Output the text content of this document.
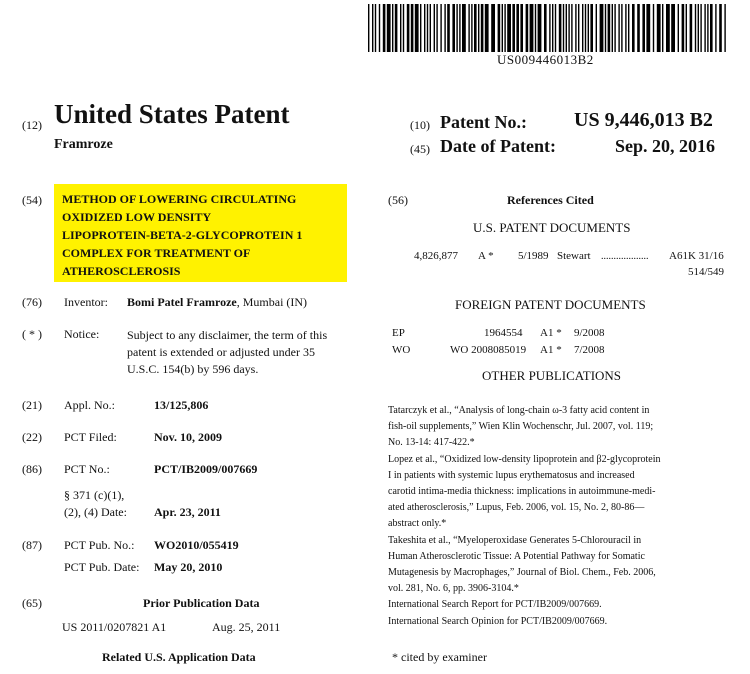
US009446013B2
(12) United States Patent
Framroze
(10) Patent No.: US 9,446,013 B2
(45) Date of Patent:	Sep. 20, 2016
(54) METHOD OF LOWERING CIRCULATING
OXIDIZED LOW DENSITY
LIPOPROTEIN-BETA-2-GLYCOPROTEIN 1
COMPLEX FOR TREATMENT OF
ATHEROSCLEROSIS
(76) Inventor: Bomi Patel Framroze, Mumbai (IN)
( * ) Notice: Subject to any disclaimer, the term of this
patent is extended or adjusted under 35
U.S.C. 154(b) by 596 days.
(21) Appl. No.:	13/125,806
(22) PCT Filed:	Nov. 10, 2009
(86) PCT No.:	PCT/IB2009/007669
§ 371 (c)(1),
(2), (4) Date: Apr. 23, 2011
(87) PCT Pub. No.: WO2010/055419
PCT Pub. Date: May 20, 2010
(65)	Prior Publication Data
US 2011/0207821 A1	Aug. 25, 2011
Related U.S. Application Data
(56)	References Cited
U.S. PATENT DOCUMENTS
4,826,877 A * 5/1989 Stewart ................... A61K 31/16
514/549
FOREIGN PATENT DOCUMENTS
EP	1964554 A1 * 9/2008
WO	WO 2008085019 A1 * 7/2008
OTHER PUBLICATIONS
Tatarczyk et al., “Analysis of long-chain ω-3 fatty acid content in
fish-oil supplements,” Wien Klin Wochenschr, Jul. 2007, vol. 119;
No. 13-14: 417-422.*
Lopez et al., “Oxidized low-density lipoprotein and β2-glycoprotein
I in patients with systemic lupus erythematosus and increased
carotid intima-media thickness: implications in autoimmune-medi-
ated atherosclerosis,” Lupus, Feb. 2006, vol. 15, No. 2, 80-86—
abstract only.*
Takeshita et al., “Myeloperoxidase Generates 5-Chlorouracil in
Human Atherosclerotic Tissue: A Potential Pathway for Somatic
Mutagenesis by Macrophages,” Journal of Biol. Chem., Feb. 2006,
vol. 281, No. 6, pp. 3906-3104.*
International Search Report for PCT/IB2009/007669.
International Search Opinion for PCT/IB2009/007669.
* cited by examiner
